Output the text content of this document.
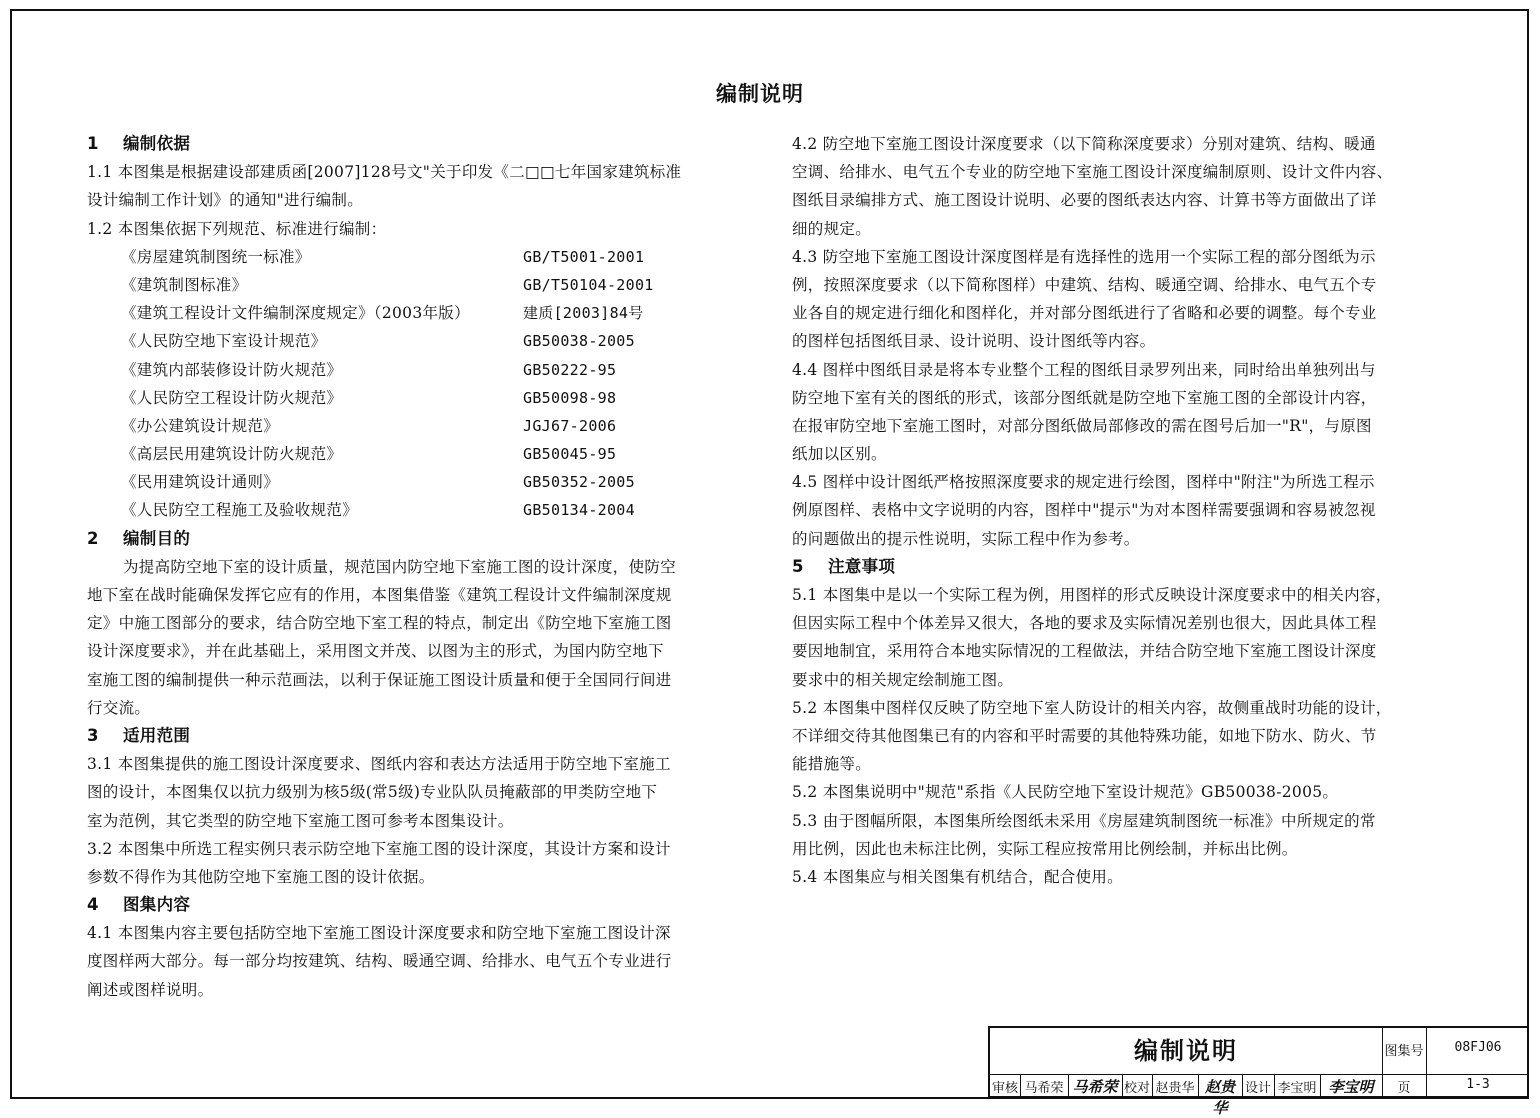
编制说明
1 编制依据
1.1 本图集是根据建设部建质函[2007]128号文"关于印发《二□□七年国家建筑标准
设计编制工作计划》的通知"进行编制。
1.2 本图集依据下列规范、标准进行编制：
《房屋建筑制图统一标准》	GB/T5001-2001
《建筑制图标准》	GB/T50104-2001
《建筑工程设计文件编制深度规定》（2003年版）	建质[2003]84号
《人民防空地下室设计规范》	GB50038-2005
《建筑内部装修设计防火规范》	GB50222-95
《人民防空工程设计防火规范》	GB50098-98
《办公建筑设计规范》	JGJ67-2006
《高层民用建筑设计防火规范》	GB50045-95
《民用建筑设计通则》	GB50352-2005
《人民防空工程施工及验收规范》	GB50134-2004
2 编制目的
为提高防空地下室的设计质量，规范国内防空地下室施工图的设计深度，使防空
地下室在战时能确保发挥它应有的作用，本图集借鉴《建筑工程设计文件编制深度规
定》中施工图部分的要求，结合防空地下室工程的特点，制定出《防空地下室施工图
设计深度要求》，并在此基础上，采用图文并茂、以图为主的形式，为国内防空地下
室施工图的编制提供一种示范画法，以利于保证施工图设计质量和便于全国同行间进
行交流。
3 适用范围
3.1 本图集提供的施工图设计深度要求、图纸内容和表达方法适用于防空地下室施工
图的设计，本图集仅以抗力级别为核5级(常5级)专业队队员掩蔽部的甲类防空地下
室为范例，其它类型的防空地下室施工图可参考本图集设计。
3.2 本图集中所选工程实例只表示防空地下室施工图的设计深度，其设计方案和设计
参数不得作为其他防空地下室施工图的设计依据。
4 图集内容
4.1 本图集内容主要包括防空地下室施工图设计深度要求和防空地下室施工图设计深
度图样两大部分。每一部分均按建筑、结构、暖通空调、给排水、电气五个专业进行
阐述或图样说明。
4.2 防空地下室施工图设计深度要求（以下简称深度要求）分别对建筑、结构、暖通
空调、给排水、电气五个专业的防空地下室施工图设计深度编制原则、设计文件内容、
图纸目录编排方式、施工图设计说明、必要的图纸表达内容、计算书等方面做出了详
细的规定。
4.3 防空地下室施工图设计深度图样是有选择性的选用一个实际工程的部分图纸为示
例，按照深度要求（以下简称图样）中建筑、结构、暖通空调、给排水、电气五个专
业各自的规定进行细化和图样化，并对部分图纸进行了省略和必要的调整。每个专业
的图样包括图纸目录、设计说明、设计图纸等内容。
4.4 图样中图纸目录是将本专业整个工程的图纸目录罗列出来，同时给出单独列出与
防空地下室有关的图纸的形式，该部分图纸就是防空地下室施工图的全部设计内容，
在报审防空地下室施工图时，对部分图纸做局部修改的需在图号后加一"R"，与原图
纸加以区别。
4.5 图样中设计图纸严格按照深度要求的规定进行绘图，图样中"附注"为所选工程示
例原图样、表格中文字说明的内容，图样中"提示"为对本图样需要强调和容易被忽视
的问题做出的提示性说明，实际工程中作为参考。
5 注意事项
5.1 本图集中是以一个实际工程为例，用图样的形式反映设计深度要求中的相关内容，
但因实际工程中个体差异又很大，各地的要求及实际情况差别也很大，因此具体工程
要因地制宜，采用符合本地实际情况的工程做法，并结合防空地下室施工图设计深度
要求中的相关规定绘制施工图。
5.2 本图集中图样仅反映了防空地下室人防设计的相关内容，故侧重战时功能的设计，
不详细交待其他图集已有的内容和平时需要的其他特殊功能，如地下防水、防火、节
能措施等。
5.2 本图集说明中"规范"系指《人民防空地下室设计规范》GB50038-2005。
5.3 由于图幅所限，本图集所绘图纸未采用《房屋建筑制图统一标准》中所规定的常
用比例，因此也未标注比例，实际工程应按常用比例绘制，并标出比例。
5.4 本图集应与相关图集有机结合，配合使用。
编制说明	图集号	08FJ06
审核 马希荣 马希荣 校对 赵贵华 赵贵华
设计 李宝明 李宝明	页	1-3
